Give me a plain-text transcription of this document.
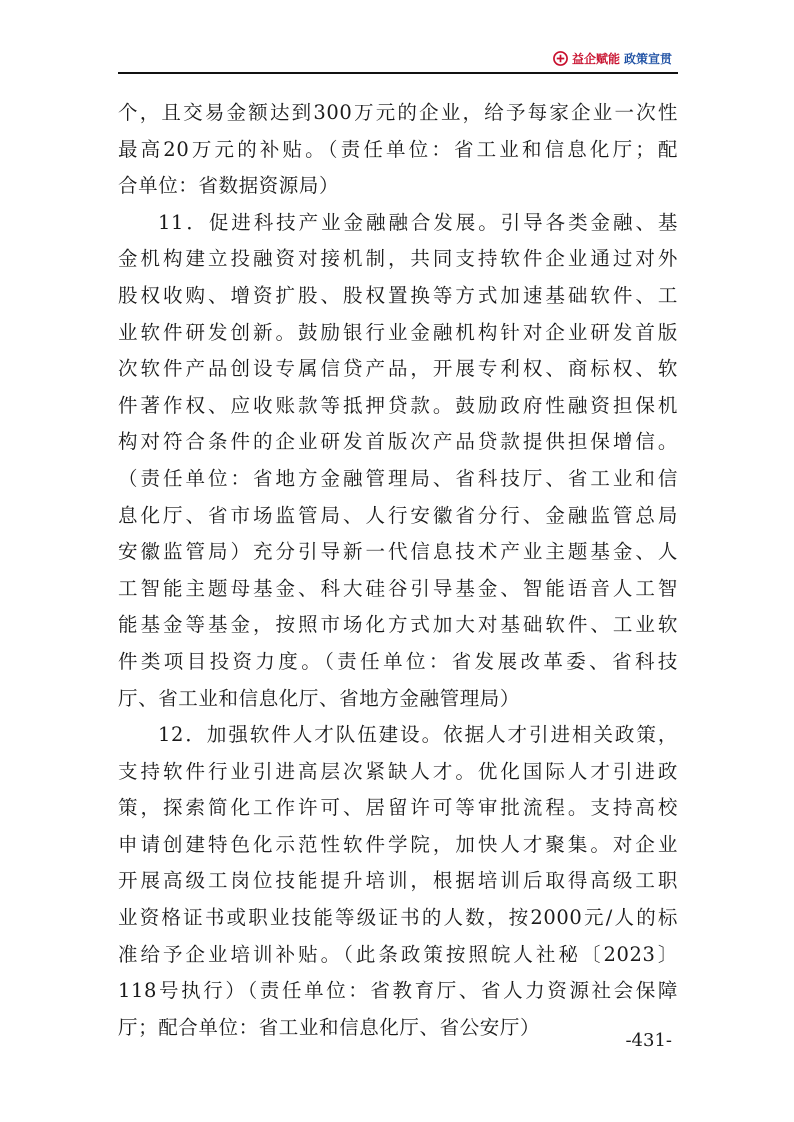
益企赋能 政策宣贯

个，且交易金额达到300万元的企业，给予每家企业一次性
最高20万元的补贴。（责任单位：省工业和信息化厅；配
合单位：省数据资源局）

11．促进科技产业金融融合发展。引导各类金融、基
金机构建立投融资对接机制，共同支持软件企业通过对外
股权收购、增资扩股、股权置换等方式加速基础软件、工
业软件研发创新。鼓励银行业金融机构针对企业研发首版
次软件产品创设专属信贷产品，开展专利权、商标权、软
件著作权、应收账款等抵押贷款。鼓励政府性融资担保机
构对符合条件的企业研发首版次产品贷款提供担保增信。
（责任单位：省地方金融管理局、省科技厅、省工业和信
息化厅、省市场监管局、人行安徽省分行、金融监管总局
安徽监管局）充分引导新一代信息技术产业主题基金、人
工智能主题母基金、科大硅谷引导基金、智能语音人工智
能基金等基金，按照市场化方式加大对基础软件、工业软
件类项目投资力度。（责任单位：省发展改革委、省科技
厅、省工业和信息化厅、省地方金融管理局）

12．加强软件人才队伍建设。依据人才引进相关政策，
支持软件行业引进高层次紧缺人才。优化国际人才引进政
策，探索简化工作许可、居留许可等审批流程。支持高校
申请创建特色化示范性软件学院，加快人才聚集。对企业
开展高级工岗位技能提升培训，根据培训后取得高级工职
业资格证书或职业技能等级证书的人数，按2000元/人的标
准给予企业培训补贴。（此条政策按照皖人社秘〔2023〕
118号执行）（责任单位：省教育厅、省人力资源社会保障
厅；配合单位：省工业和信息化厅、省公安厅）

-431-
